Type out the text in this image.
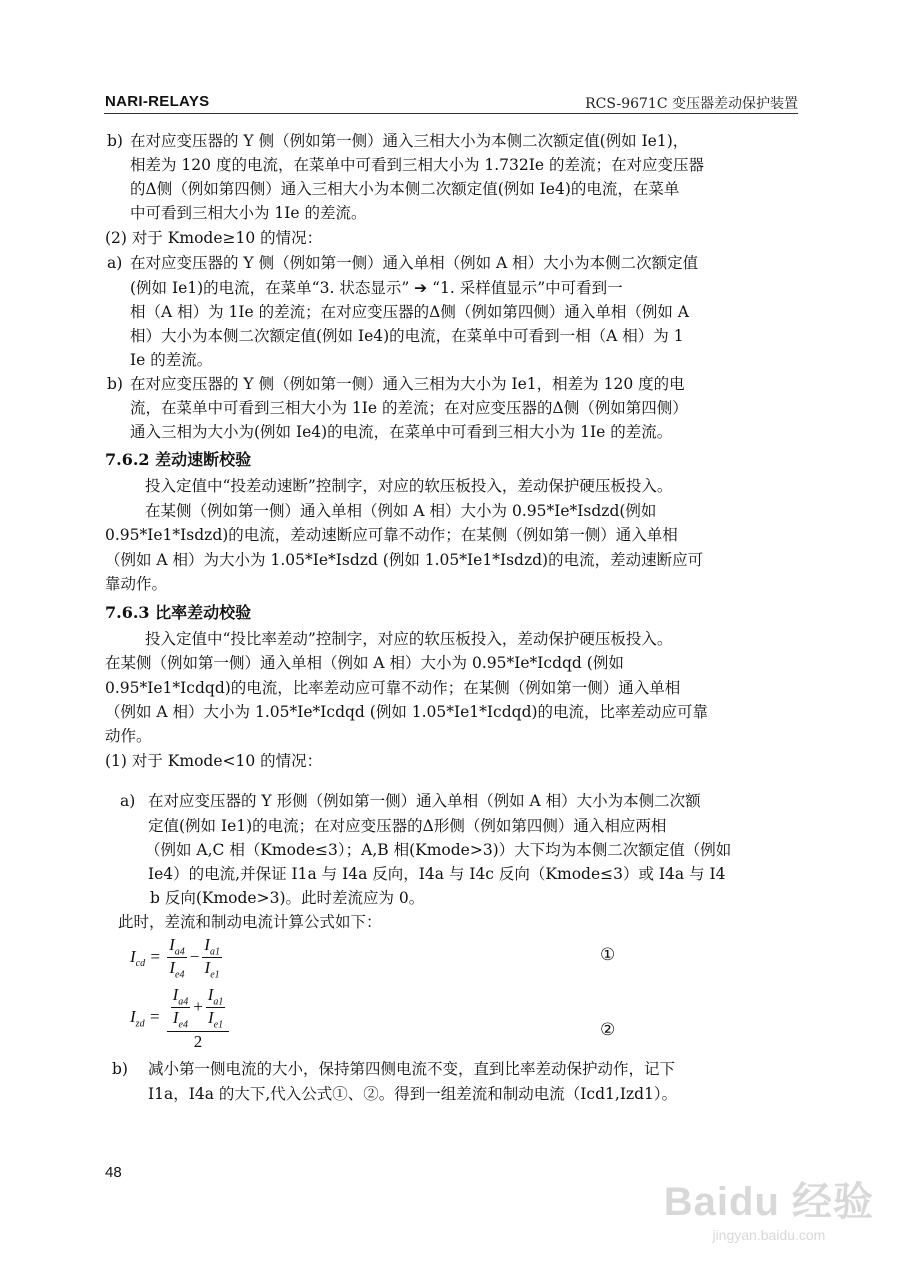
NARI-RELAYS	RCS-9671C 变压器差动保护装置
在对应变压器的 Y 侧（例如第一侧）通入三相大小为本侧二次额定值(例如 Ie1)，
b)
相差为 120 度的电流，在菜单中可看到三相大小为 1.732Ie 的差流；在对应变压器
的Δ侧（例如第四侧）通入三相大小为本侧二次额定值(例如 Ie4)的电流，在菜单
中可看到三相大小为 1Ie 的差流。
(2) 对于 Kmode≥10 的情况：
在对应变压器的 Y 侧（例如第一侧）通入单相（例如 A 相）大小为本侧二次额定值
a)
(例如 Ie1)的电流，在菜单“3. 状态显示” ➔ “1. 采样值显示”中可看到一
相（A 相）为 1Ie 的差流；在对应变压器的Δ侧（例如第四侧）通入单相（例如 A
相）大小为本侧二次额定值(例如 Ie4)的电流，在菜单中可看到一相（A 相）为 1
Ie 的差流。
在对应变压器的 Y 侧（例如第一侧）通入三相为大小为 Ie1，相差为 120 度的电
b)
流，在菜单中可看到三相大小为 1Ie 的差流；在对应变压器的Δ侧（例如第四侧）
通入三相为大小为(例如 Ie4)的电流，在菜单中可看到三相大小为 1Ie 的差流。
7.6.2 差动速断校验
投入定值中“投差动速断”控制字，对应的软压板投入，差动保护硬压板投入。
在某侧（例如第一侧）通入单相（例如 A 相）大小为 0.95*Ie*Isdzd(例如
0.95*Ie1*Isdzd)的电流，差动速断应可靠不动作；在某侧（例如第一侧）通入单相
（例如 A 相）为大小为 1.05*Ie*Isdzd (例如 1.05*Ie1*Isdzd)的电流，差动速断应可
靠动作。
7.6.3 比率差动校验
投入定值中“投比率差动”控制字，对应的软压板投入，差动保护硬压板投入。
在某侧（例如第一侧）通入单相（例如 A 相）大小为 0.95*Ie*Icdqd (例如
0.95*Ie1*Icdqd)的电流，比率差动应可靠不动作；在某侧（例如第一侧）通入单相
（例如 A 相）大小为 1.05*Ie*Icdqd (例如 1.05*Ie1*Icdqd)的电流，比率差动应可靠
动作。
(1) 对于 Kmode<10 的情况：
在对应变压器的 Y 形侧（例如第一侧）通入单相（例如 A 相）大小为本侧二次额
a)
定值(例如 Ie1)的电流；在对应变压器的Δ形侧（例如第四侧）通入相应两相
（例如 A,C 相（Kmode≤3）；A,B 相(Kmode>3)）大下均为本侧二次额定值（例如
Ie4）的电流,并保证 I1a 与 I4a 反向，I4a 与 I4c 反向（Kmode≤3）或 I4a 与 I4
b 反向(Kmode>3)。此时差流应为 0。
此时，差流和制动电流计算公式如下：
减小第一侧电流的大小，保持第四侧电流不变，直到比率差动保护动作，记下
b)
I1a，I4a 的大下,代入公式①、②。得到一组差流和制动电流（Icd1,Izd1）。
$I_{cd} = \frac{I_{a4}}{I_{e4}} - \frac{I_{a1}}{I_{e1}}$	①
$I_{zd} = \frac{\frac{I_{a4}}{I_{e4}} + \frac{I_{a1}}{I_{e1}}}{2}$	②
48
Baidu 经验
jingyan.baidu.com
